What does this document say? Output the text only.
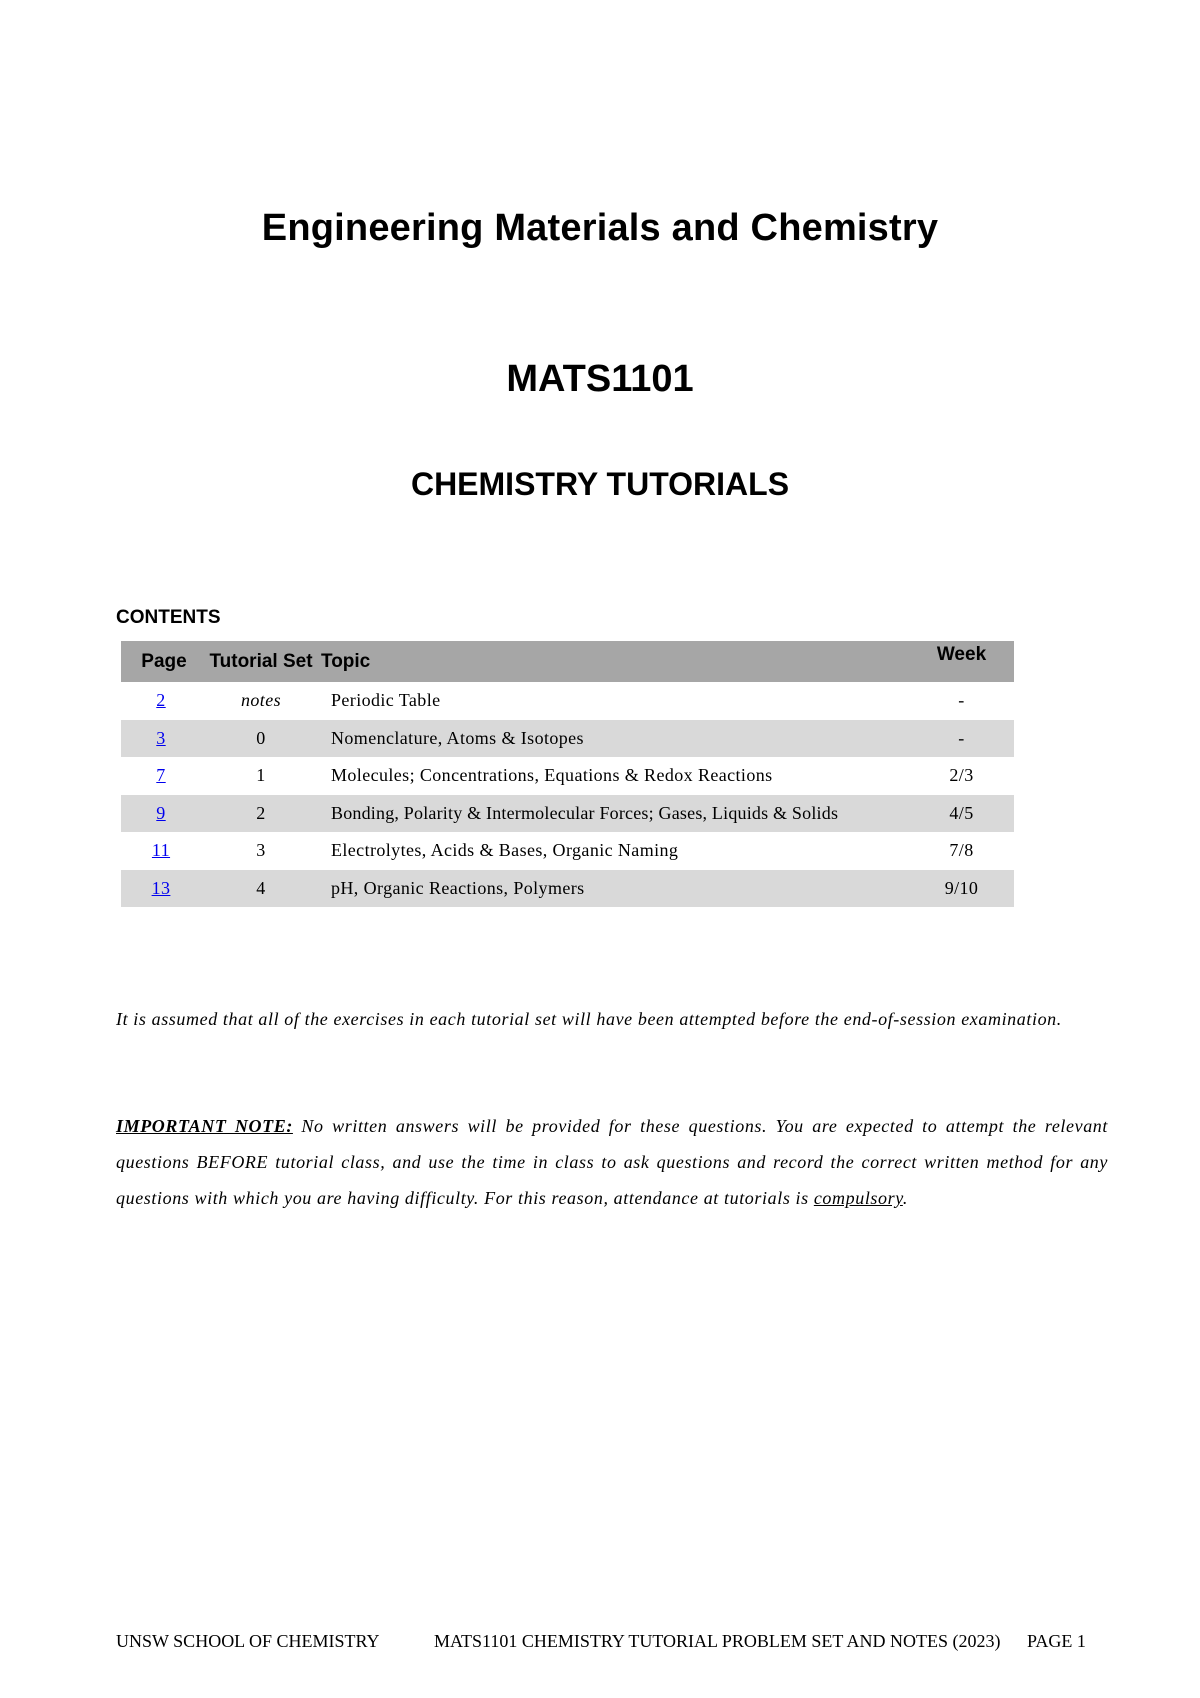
Engineering Materials and Chemistry
MATS1101
CHEMISTRY TUTORIALS
CONTENTS
Page	Tutorial Set	Topic	Week
2	notes	Periodic Table	-
3	0	Nomenclature, Atoms & Isotopes	-
7	1	Molecules; Concentrations, Equations & Redox Reactions	2/3
9	2	Bonding, Polarity & Intermolecular Forces; Gases, Liquids & Solids	4/5
11	3	Electrolytes, Acids & Bases, Organic Naming	7/8
13	4	pH, Organic Reactions, Polymers	9/10

It is assumed that all of the exercises in each tutorial set will have been attempted before the end-of-session examination.

IMPORTANT NOTE: No written answers will be provided for these questions. You are expected to attempt the relevant questions BEFORE tutorial class, and use the time in class to ask questions and record the correct written method for any questions with which you are having difficulty. For this reason, attendance at tutorials is compulsory.

UNSW SCHOOL OF CHEMISTRY	MATS1101 CHEMISTRY TUTORIAL PROBLEM SET AND NOTES (2023) PAGE 1
